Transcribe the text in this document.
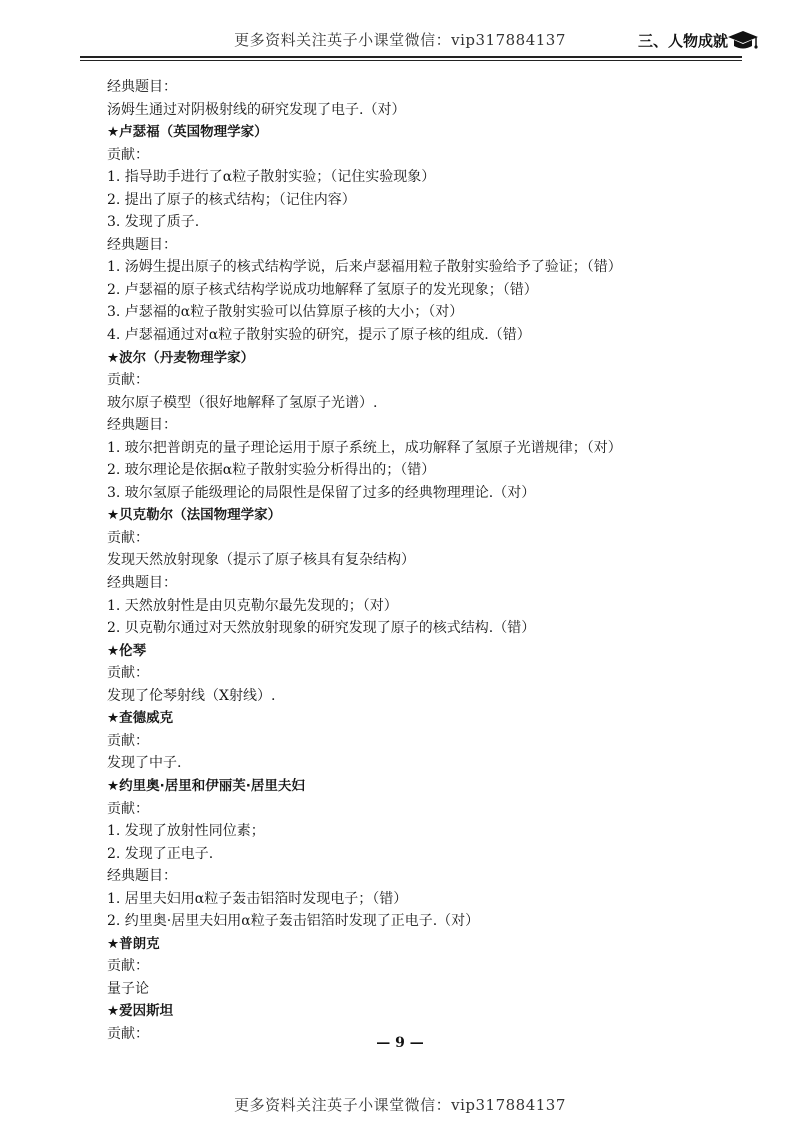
更多资料关注英子小课堂微信：vip317884137	三、人物成就
经典题目：
汤姆生通过对阴极射线的研究发现了电子.（对）
★卢瑟福（英国物理学家）
贡献：
1. 指导助手进行了α粒子散射实验；（记住实验现象）
2. 提出了原子的核式结构；（记住内容）
3. 发现了质子.
经典题目：
1. 汤姆生提出原子的核式结构学说，后来卢瑟福用粒子散射实验给予了验证；（错）
2. 卢瑟福的原子核式结构学说成功地解释了氢原子的发光现象；（错）
3. 卢瑟福的α粒子散射实验可以估算原子核的大小；（对）
4. 卢瑟福通过对α粒子散射实验的研究，提示了原子核的组成.（错）
★波尔（丹麦物理学家）
贡献：
玻尔原子模型（很好地解释了氢原子光谱）.
经典题目：
1. 玻尔把普朗克的量子理论运用于原子系统上，成功解释了氢原子光谱规律；（对）
2. 玻尔理论是依据α粒子散射实验分析得出的；（错）
3. 玻尔氢原子能级理论的局限性是保留了过多的经典物理理论.（对）
★贝克勒尔（法国物理学家）
贡献：
发现天然放射现象（提示了原子核具有复杂结构）
经典题目：
1. 天然放射性是由贝克勒尔最先发现的；（对）
2. 贝克勒尔通过对天然放射现象的研究发现了原子的核式结构.（错）
★伦琴
贡献：
发现了伦琴射线（X射线）.
★查德威克
贡献：
发现了中子.
★约里奥·居里和伊丽芙·居里夫妇
贡献：
1. 发现了放射性同位素；
2. 发现了正电子.
经典题目：
1. 居里夫妇用α粒子轰击铝箔时发现电子；（错）
2. 约里奥·居里夫妇用α粒子轰击铝箔时发现了正电子.（对）
★普朗克
贡献：
量子论
★爱因斯坦
贡献：
— 9 —
更多资料关注英子小课堂微信：vip317884137
